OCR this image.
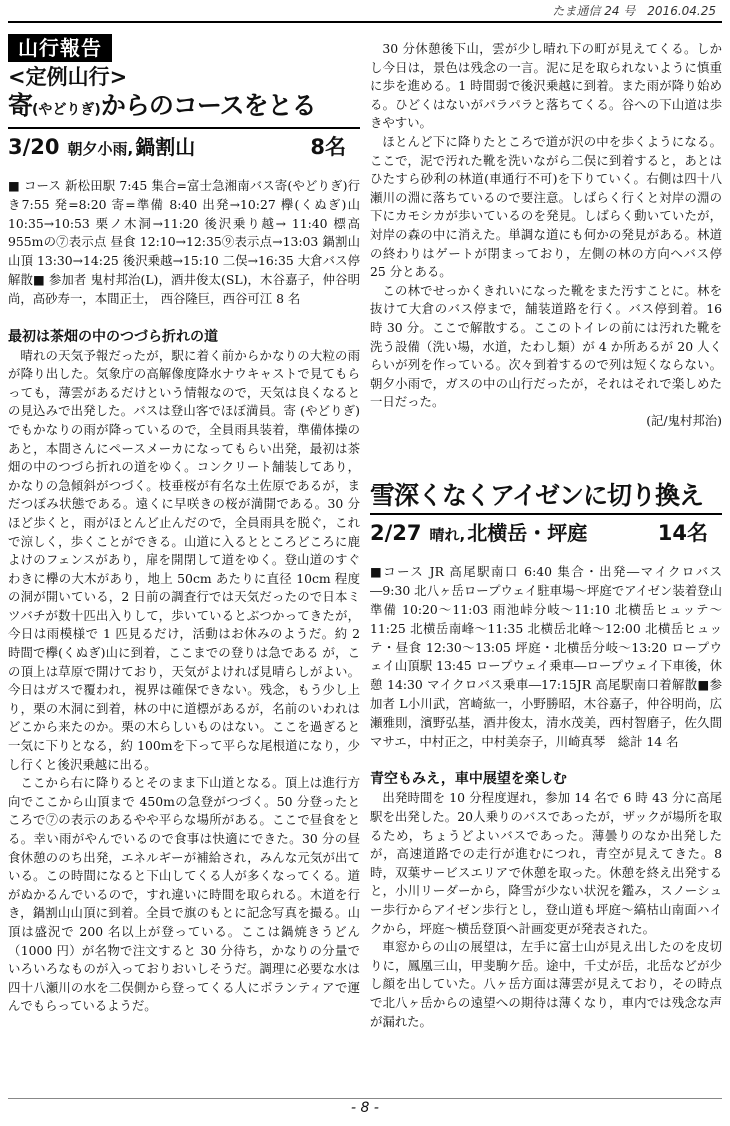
たま通信 24 号　2016.04.25
山行報告
<定例山行>
寄(やどりぎ)からのコースをとる
3/20 朝夕小雨, 鍋割山	8名
■ コース 新松田駅 7:45 集合=富士急湘南バス寄(やどりぎ)行き7:55 発=8:20 寄=準備 8:40 出発→10:27 欅(くぬぎ)山 10:35→10:53 栗ノ木洞→11:20 後沢乗り越→ 11:40 標高 955mの⑦表示点 昼食 12:10→12:35⑨表示点→13:03 鍋割山山頂 13:30→14:25 後沢乗越→15:10 二俣→16:35 大倉バス停解散■ 参加者 鬼村邦治(L)，酒井俊太(SL)，木谷嘉子，仲谷明尚，高砂寿一，本間正士， 西谷隆巨，西谷可江 8 名
最初は茶畑の中のつづら折れの道

晴れの天気予報だったが，駅に着く前からかなりの大粒の雨が降り出した。気象庁の高解像度降水ナウキャストで見てもらっても，薄雲があるだけという情報なので，天気は良くなるとの見込みで出発した。バスは登山客でほぼ満員。寄 (やどりぎ) でもかなりの雨が降っているので，全員雨具装着，準備体操のあと，本間さんにペースメーカになってもらい出発，最初は茶畑の中のつづら折れの道をゆく。コンクリート舗装してあり，かなりの急傾斜がつづく。枝垂桜が有名な土佐原であるが，まだつぼみ状態である。遠くに早咲きの桜が満開である。30 分ほど歩くと，雨がほとんど止んだので，全員雨具を脱ぐ，これで涼しく，歩くことができる。山道に入るとところどころに鹿よけのフェンスがあり，扉を開閉して道をゆく。登山道のすぐわきに欅の大木があり，地上 50cm あたりに直径 10cm 程度の洞が開いている，2 日前の調査行では天気だったので日本ミツバチが数十匹出入りして，歩いているとぶつかってきたが，今日は雨模様で 1 匹見るだけ，活動はお休みのようだ。約 2 時間で欅(くぬぎ)山に到着，ここまでの登りは急である が，この頂上は草原で開けており，天気がよければ見晴らしがよい。今日はガスで覆われ，視界は確保できない。残念，もう少し上り，栗の木洞に到着，林の中に道標があるが，名前のいわれはどこから来たのか。栗の木らしいものはない。ここを過ぎると一気に下りとなる，約 100mを下って平らな尾根道になり，少し行くと後沢乗越に出る。

ここから右に降りるとそのまま下山道となる。頂上は進行方向でここから山頂まで 450mの急登がつづく。50 分登ったところで⑦の表示のあるやや平らな場所がある。ここで昼食をとる。幸い雨がやんでいるので食事は快適にできた。30 分の昼食休憩ののち出発，エネルギーが補給され，みんな元気が出ている。この時間になると下山してくる人が多くなってくる。道がぬかるんでいるので，すれ違いに時間を取られる。木道を行き，鍋割山山頂に到着。全員で旗のもとに記念写真を撮る。山頂は盛況で 200 名以上が登っている。ここは鍋焼きうどん（1000 円）が名物で注文すると 30 分待ち，かなりの分量でいろいろなものが入っておりおいしそうだ。調理に必要な水は四十八瀬川の水を二俣側から登ってくる人にボランティアで運んでもらっているようだ。

30 分休憩後下山，雲が少し晴れ下の町が見えてくる。しかし今日は，景色は残念の一言。泥に足を取られないように慎重に歩を進める。1 時間弱で後沢乗越に到着。また雨が降り始める。ひどくはないがパラパラと落ちてくる。谷への下山道は歩きやすい。

ほとんど下に降りたところで道が沢の中を歩くようになる。ここで，泥で汚れた靴を洗いながら二俣に到着すると，あとはひたすら砂利の林道(車通行不可)を下りていく。右側は四十八瀬川の淵に落ちているので要注意。しばらく行くと対岸の淵の下にカモシカが歩いているのを発見。しばらく動いていたが，対岸の森の中に消えた。単調な道にも何かの発見がある。林道の終わりはゲートが閉まっており，左側の林の方向へバス停 25 分とある。

この林でせっかくきれいになった靴をまた汚すことに。林を抜けて大倉のバス停まで，舗装道路を行く。バス停到着。16 時 30 分。ここで解散する。ここのトイレの前には汚れた靴を洗う設備（洗い場，水道，たわし類）が 4 か所あるが 20 人くらいが列を作っている。次々到着するので列は短くならない。朝夕小雨で，ガスの中の山行だったが，それはそれで楽しめた一日だった。

(記/鬼村邦治)
雪深くなくアイゼンに切り換え
2/27 晴れ, 北横岳・坪庭	14名
■コース JR 高尾駅南口 6:40 集合・出発―マイクロバス―9:30 北八ヶ岳ロープウェイ駐車場～坪庭でアイゼン装着登山準備 10:20～11:03 雨池峠分岐～11:10 北横岳ヒュッテ～11:25 北横岳南峰～11:35 北横岳北峰～12:00 北横岳ヒュッテ・昼食 12:30～13:05 坪庭・北横岳分岐～13:20 ロープウェイ山頂駅 13:45 ロープウェイ乗車―ロープウェイ下車後，休憩 14:30 マイクロバス乗車―17:15JR 高尾駅南口着解散■参加者 L小川武，宮崎紘一，小野勝昭，木谷嘉子，仲谷明尚，広瀬雅則，濱野弘基，酒井俊太，清水茂美，西村智磨子，佐久間マサエ，中村正之，中村美奈子，川崎真琴　総計 14 名
青空もみえ，車中展望を楽しむ

出発時間を 10 分程度遅れ，参加 14 名で 6 時 43 分に高尾駅を出発した。20人乗りのバスであったが，ザックが場所を取るため，ちょうどよいバスであった。薄曇りのなか出発したが，高速道路での走行が進むにつれ，青空が見えてきた。8 時，双葉サービスエリアで休憩を取った。休憩を終え出発すると，小川リーダーから，降雪が少ない状況を鑑み，スノーシュー歩行からアイゼン歩行とし，登山道も坪庭～縞枯山南面ハイクから，坪庭～横岳登頂へ計画変更が発表された。

車窓からの山の展望は，左手に富士山が見え出したのを皮切りに，鳳凰三山，甲斐駒ケ岳。途中，千丈が岳，北岳などが少し顔を出していた。八ヶ岳方面は薄雲が見えており，その時点で北八ヶ岳からの遠望への期待は薄くなり，車内では残念な声が漏れた。

- 8 -
